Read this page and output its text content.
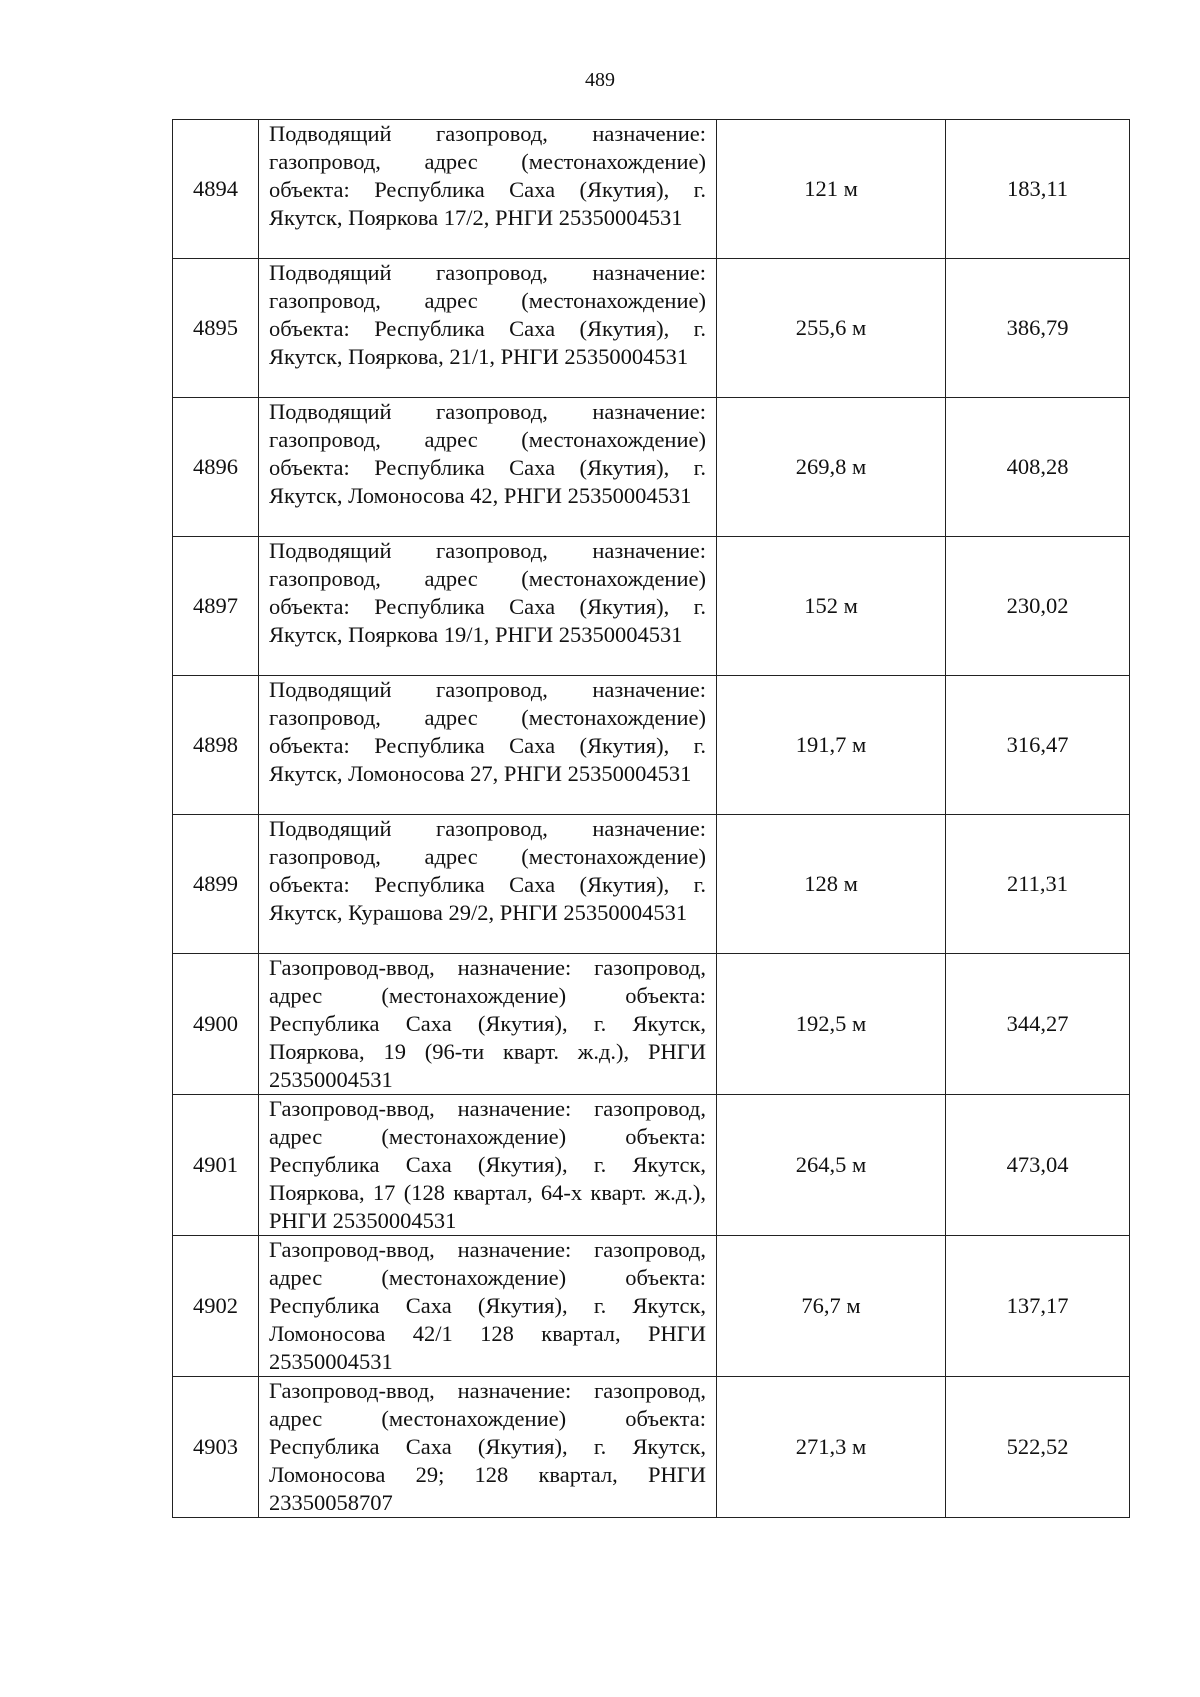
489
4894	Подводящий газопровод, назначение: газопровод, адрес (местонахождение) объекта: Республика Саха (Якутия), г. Якутск, Пояркова 17/2, РНГИ 25350004531	121 м	183,11
4895	Подводящий газопровод, назначение: газопровод, адрес (местонахождение) объекта: Республика Саха (Якутия), г. Якутск, Пояркова, 21/1, РНГИ 25350004531	255,6 м	386,79
4896	Подводящий газопровод, назначение: газопровод, адрес (местонахождение) объекта: Республика Саха (Якутия), г. Якутск, Ломоносова 42, РНГИ 25350004531	269,8 м	408,28
4897	Подводящий газопровод, назначение: газопровод, адрес (местонахождение) объекта: Республика Саха (Якутия), г. Якутск, Пояркова 19/1, РНГИ 25350004531	152 м	230,02
4898	Подводящий газопровод, назначение: газопровод, адрес (местонахождение) объекта: Республика Саха (Якутия), г. Якутск, Ломоносова 27, РНГИ 25350004531	191,7 м	316,47
4899	Подводящий газопровод, назначение: газопровод, адрес (местонахождение) объекта: Республика Саха (Якутия), г. Якутск, Курашова 29/2, РНГИ 25350004531	128 м	211,31
4900	Газопровод-ввод, назначение: газопровод, адрес (местонахождение) объекта: Республика Саха (Якутия), г. Якутск, Пояркова, 19 (96-ти кварт. ж.д.), РНГИ 25350004531	192,5 м	344,27
4901	Газопровод-ввод, назначение: газопровод, адрес (местонахождение) объекта: Республика Саха (Якутия), г. Якутск, Пояркова, 17 (128 квартал, 64-х кварт. ж.д.), РНГИ 25350004531	264,5 м	473,04
4902	Газопровод-ввод, назначение: газопровод, адрес (местонахождение) объекта: Республика Саха (Якутия), г. Якутск, Ломоносова 42/1 128 квартал, РНГИ 25350004531	76,7 м	137,17
4903	Газопровод-ввод, назначение: газопровод, адрес (местонахождение) объекта: Республика Саха (Якутия), г. Якутск, Ломоносова 29; 128 квартал, РНГИ 23350058707	271,3 м	522,52
